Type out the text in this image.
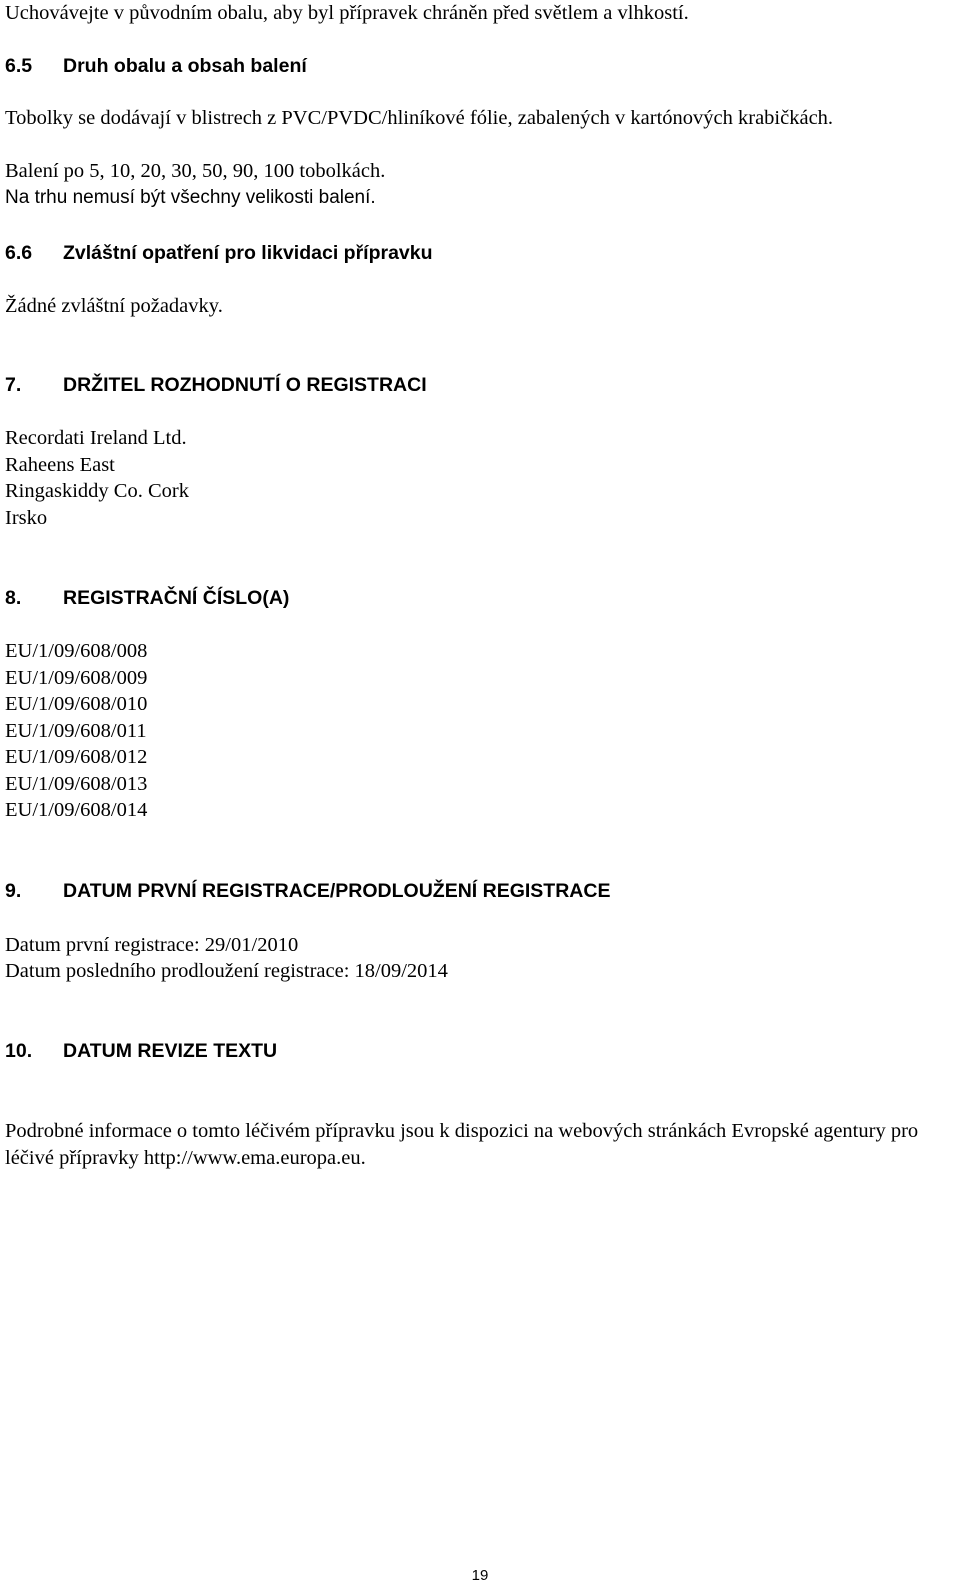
Uchovávejte v původním obalu, aby byl přípravek chráněn před světlem a vlhkostí.
6.5 Druh obalu a obsah balení
Tobolky se dodávají v blistrech z PVC/PVDC/hliníkové fólie, zabalených v kartónových krabičkách.
Balení po 5, 10, 20, 30, 50, 90, 100 tobolkách.
Na trhu nemusí být všechny velikosti balení.
6.6 Zvláštní opatření pro likvidaci přípravku
Žádné zvláštní požadavky.
7. DRŽITEL ROZHODNUTÍ O REGISTRACI
Recordati Ireland Ltd.
Raheens East
Ringaskiddy Co. Cork
Irsko
8. REGISTRAČNÍ ČÍSLO(A)
EU/1/09/608/008
EU/1/09/608/009
EU/1/09/608/010
EU/1/09/608/011
EU/1/09/608/012
EU/1/09/608/013
EU/1/09/608/014
9. DATUM PRVNÍ REGISTRACE/PRODLOUŽENÍ REGISTRACE
Datum první registrace: 29/01/2010
Datum posledního prodloužení registrace: 18/09/2014
10. DATUM REVIZE TEXTU
Podrobné informace o tomto léčivém přípravku jsou k dispozici na webových stránkách Evropské agentury pro léčivé přípravky http://www.ema.europa.eu.
19
